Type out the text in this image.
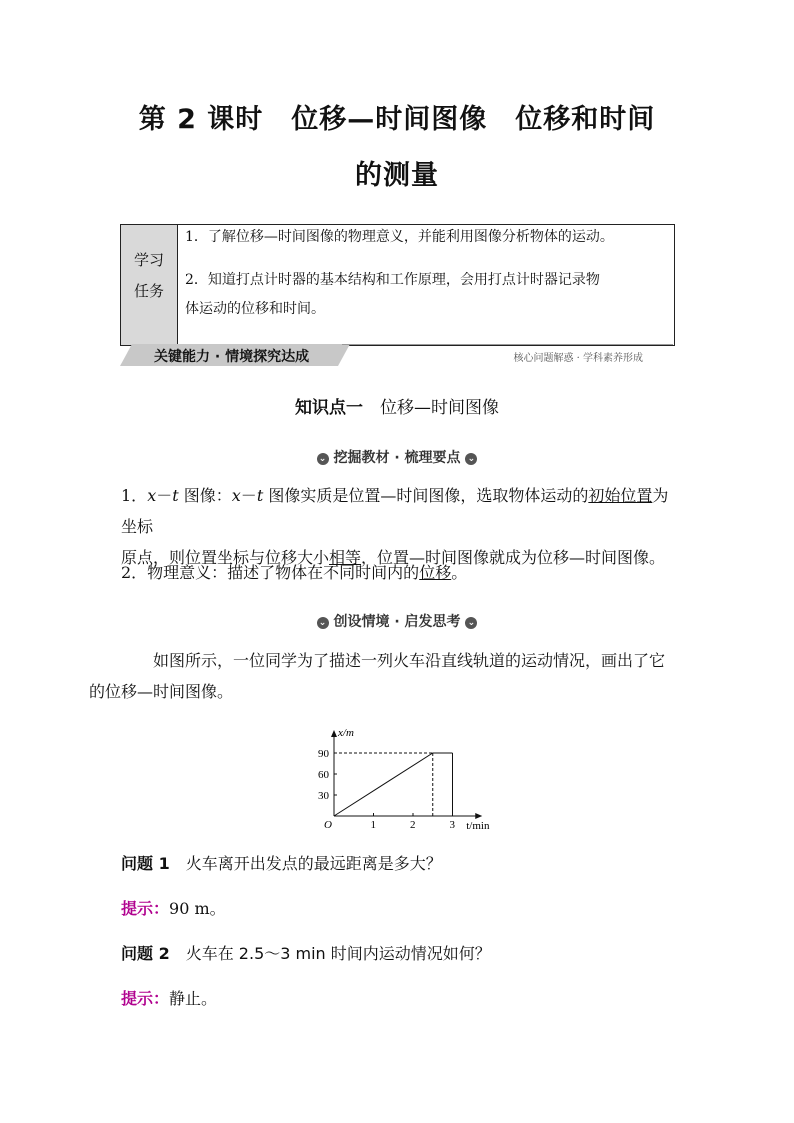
第 2 课时　位移—时间图像　位移和时间
的测量
学习
任务
1．了解位移—时间图像的物理意义，并能利用图像分析物体的运动。
2．知道打点计时器的基本结构和工作原理，会用打点计时器记录物
体运动的位移和时间。
关键能力 · 情境探究达成	核心问题解惑 · 学科素养形成
知识点一　 位移—时间图像
⌄ 挖掘教材 · 梳理要点 ⌄
1．x－t 图像：x－t 图像实质是位置—时间图像，选取物体运动的初始位置为坐标
原点，则位置坐标与位移大小相等，位置—时间图像就成为位移—时间图像。
2．物理意义：描述了物体在不同时间内的位移。
⌄ 创设情境 · 启发思考 ⌄
如图所示，一位同学为了描述一列火车沿直线轨道的运动情况，画出了它
的位移—时间图像。
x/m
t/min
O	1	2	3
30
60
90
问题 1　火车离开出发点的最远距离是多大？
提示：90 m。
问题 2　火车在 2.5～3 min 时间内运动情况如何？
提示：静止。
